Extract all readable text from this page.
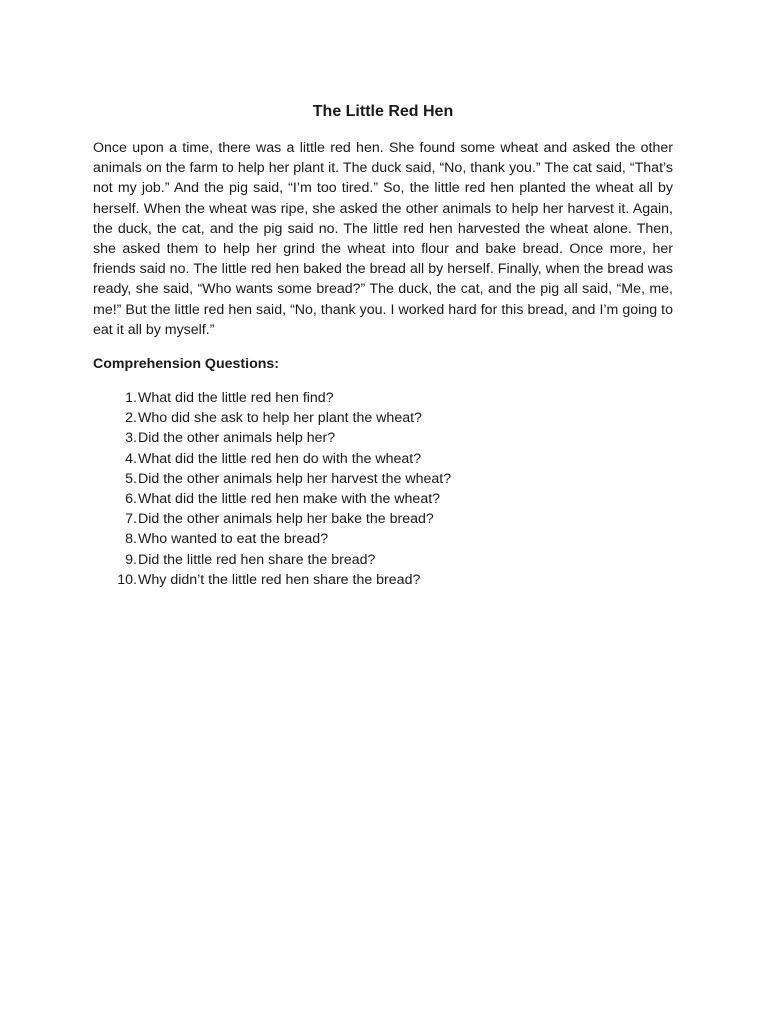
The Little Red Hen

Once upon a time, there was a little red hen. She found some wheat and asked the other animals on the farm to help her plant it. The duck said, “No, thank you.” The cat said, “That’s not my job.” And the pig said, “I’m too tired.” So, the little red hen planted the wheat all by herself. When the wheat was ripe, she asked the other animals to help her harvest it. Again, the duck, the cat, and the pig said no. The little red hen harvested the wheat alone. Then, she asked them to help her grind the wheat into flour and bake bread. Once more, her friends said no. The little red hen baked the bread all by herself. Finally, when the bread was ready, she said, “Who wants some bread?” The duck, the cat, and the pig all said, “Me, me, me!” But the little red hen said, “No, thank you. I worked hard for this bread, and I’m going to eat it all by myself.”

Comprehension Questions:
1. What did the little red hen find?
2. Who did she ask to help her plant the wheat?
3. Did the other animals help her?
4. What did the little red hen do with the wheat?
5. Did the other animals help her harvest the wheat?
6. What did the little red hen make with the wheat?
7. Did the other animals help her bake the bread?
8. Who wanted to eat the bread?
9. Did the little red hen share the bread?
10. Why didn’t the little red hen share the bread?
